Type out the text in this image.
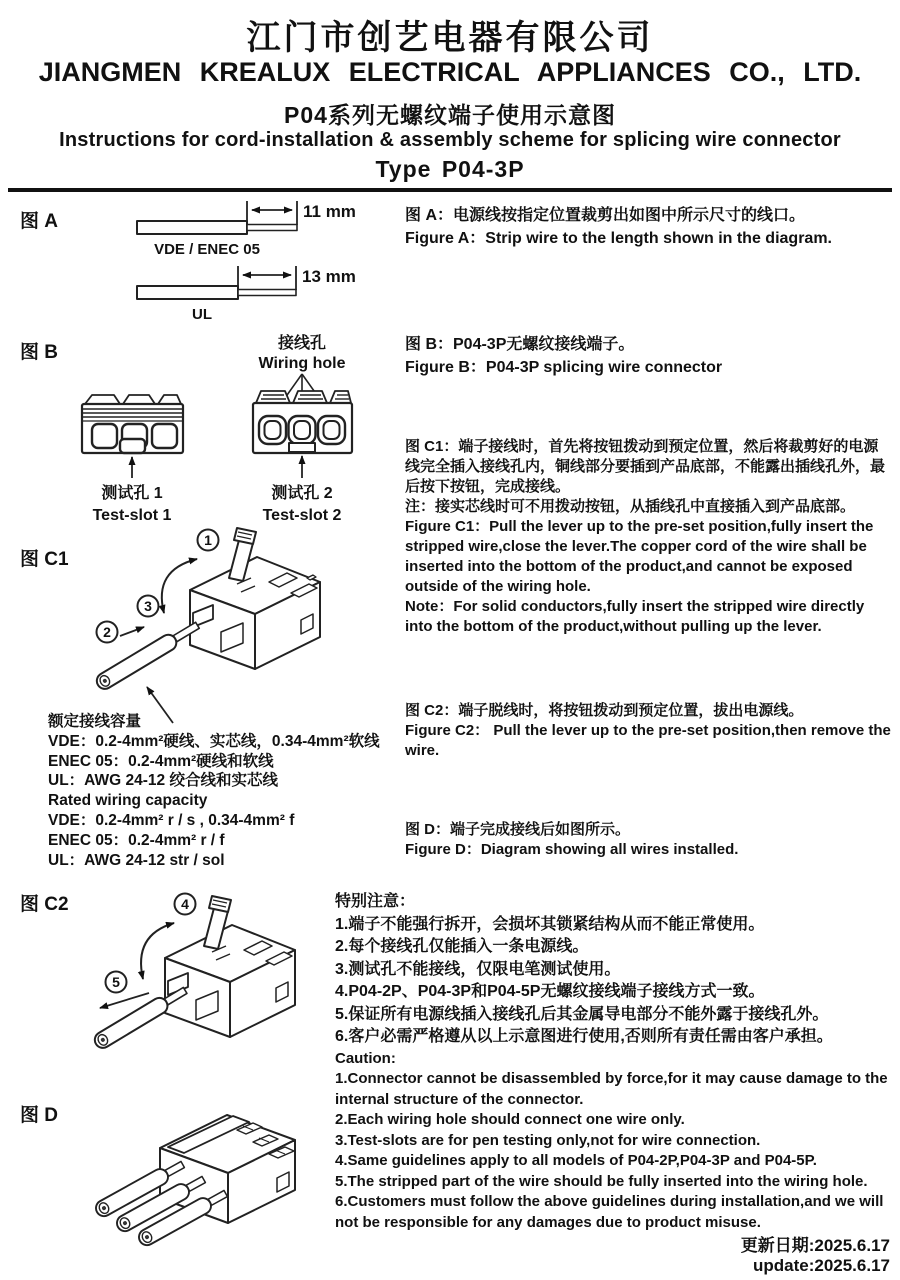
江门市创艺电器有限公司
JIANGMEN KREALUX ELECTRICAL APPLIANCES CO., LTD.
P04系列无螺纹端子使用示意图
Instructions for cord-installation & assembly scheme for splicing wire connector
Type P04-3P
图 A	11 mm
VDE / ENEC 05
13 mm
UL
图 A：电源线按指定位置裁剪出如图中所示尺寸的线口。
Figure A：Strip wire to the length shown in the diagram.
图 B
测试孔 1
Test-slot 1
接线孔
Wiring hole
测试孔 2
Test-slot 2
图 B：P04-3P无螺纹接线端子。
Figure B：P04-3P splicing wire connector
图 C1
1
3
2
图 C1：端子接线时，首先将按钮拨动到预定位置，然后将裁剪好的电源线完全插入接线孔内，铜线部分要插到产品底部，不能露出插线孔外，最后按下按钮，完成接线。
注：接实芯线时可不用拨动按钮，从插线孔中直接插入到产品底部。
Figure C1：Pull the lever up to the pre-set position,fully insert the stripped wire,close the lever.The copper cord of the wire shall be inserted into the bottom of the product,and cannot be exposed outside of the wiring hole.
Note：For solid conductors,fully insert the stripped wire directly into the bottom of the product,without pulling up the lever.
额定接线容量
VDE：0.2-4mm²硬线、实芯线，0.34-4mm²软线
ENEC 05：0.2-4mm²硬线和软线
UL：AWG 24-12 绞合线和实芯线
Rated wiring capacity
VDE：0.2-4mm² r / s , 0.34-4mm² f
ENEC 05：0.2-4mm² r / f
UL：AWG 24-12 str / sol
图 C2：端子脱线时，将按钮拨动到预定位置，拔出电源线。
Figure C2： Pull the lever up to the pre-set position,then remove the wire.
图 D：端子完成接线后如图所示。
Figure D：Diagram showing all wires installed.
图 C2	4
5
图 D
特别注意：
1.端子不能强行拆开，会损坏其锁紧结构从而不能正常使用。
2.每个接线孔仅能插入一条电源线。
3.测试孔不能接线，仅限电笔测试使用。
4.P04-2P、P04-3P和P04-5P无螺纹接线端子接线方式一致。
5.保证所有电源线插入接线孔后其金属导电部分不能外露于接线孔外。
6.客户必需严格遵从以上示意图进行使用,否则所有责任需由客户承担。
Caution:
1.Connector cannot be disassembled by force,for it may cause damage to the internal structure of the connector.
2.Each wiring hole should connect one wire only.
3.Test-slots are for pen testing only,not for wire connection.
4.Same guidelines apply to all models of P04-2P,P04-3P and P04-5P.
5.The stripped part of the wire should be fully inserted into the wiring hole.
6.Customers must follow the above guidelines during installation,and we will not be responsible for any damages due to product misuse.
更新日期:2025.6.17
update:2025.6.17
